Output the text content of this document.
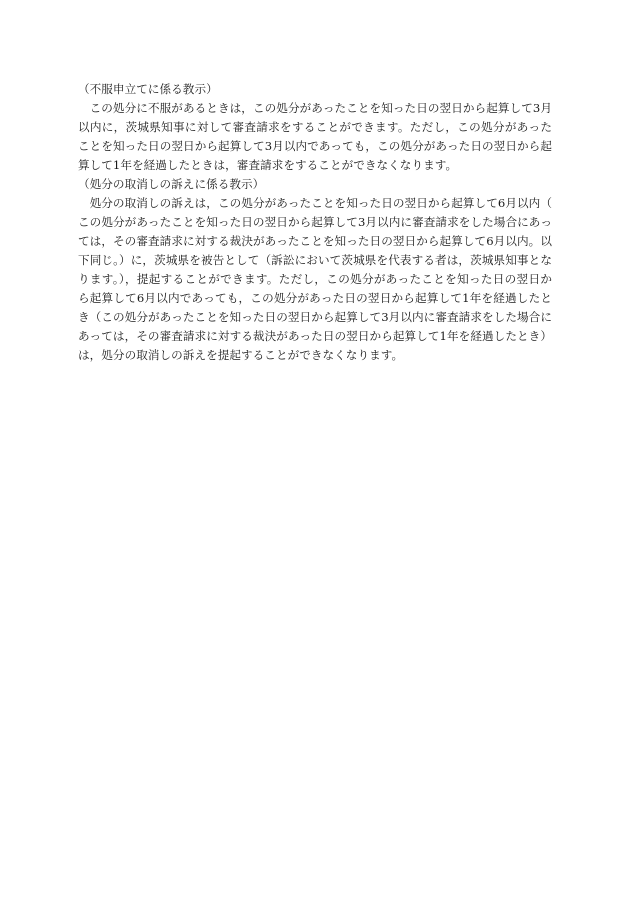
（不服申立てに係る教示）

この処分に不服があるときは，この処分があったことを知った日の翌日から起算して3月以内に，茨城県知事に対して審査請求をすることができます。ただし，この処分があったことを知った日の翌日から起算して3月以内であっても，この処分があった日の翌日から起算して1年を経過したときは，審査請求をすることができなくなります。

（処分の取消しの訴えに係る教示）

処分の取消しの訴えは，この処分があったことを知った日の翌日から起算して6月以内（この処分があったことを知った日の翌日から起算して3月以内に審査請求をした場合にあっては，その審査請求に対する裁決があったことを知った日の翌日から起算して6月以内。以下同じ。）に，茨城県を被告として（訴訟において茨城県を代表する者は，茨城県知事となります。），提起することができます。ただし，この処分があったことを知った日の翌日から起算して6月以内であっても，この処分があった日の翌日から起算して1年を経過したとき（この処分があったことを知った日の翌日から起算して3月以内に審査請求をした場合にあっては，その審査請求に対する裁決があった日の翌日から起算して1年を経過したとき）は，処分の取消しの訴えを提起することができなくなります。
